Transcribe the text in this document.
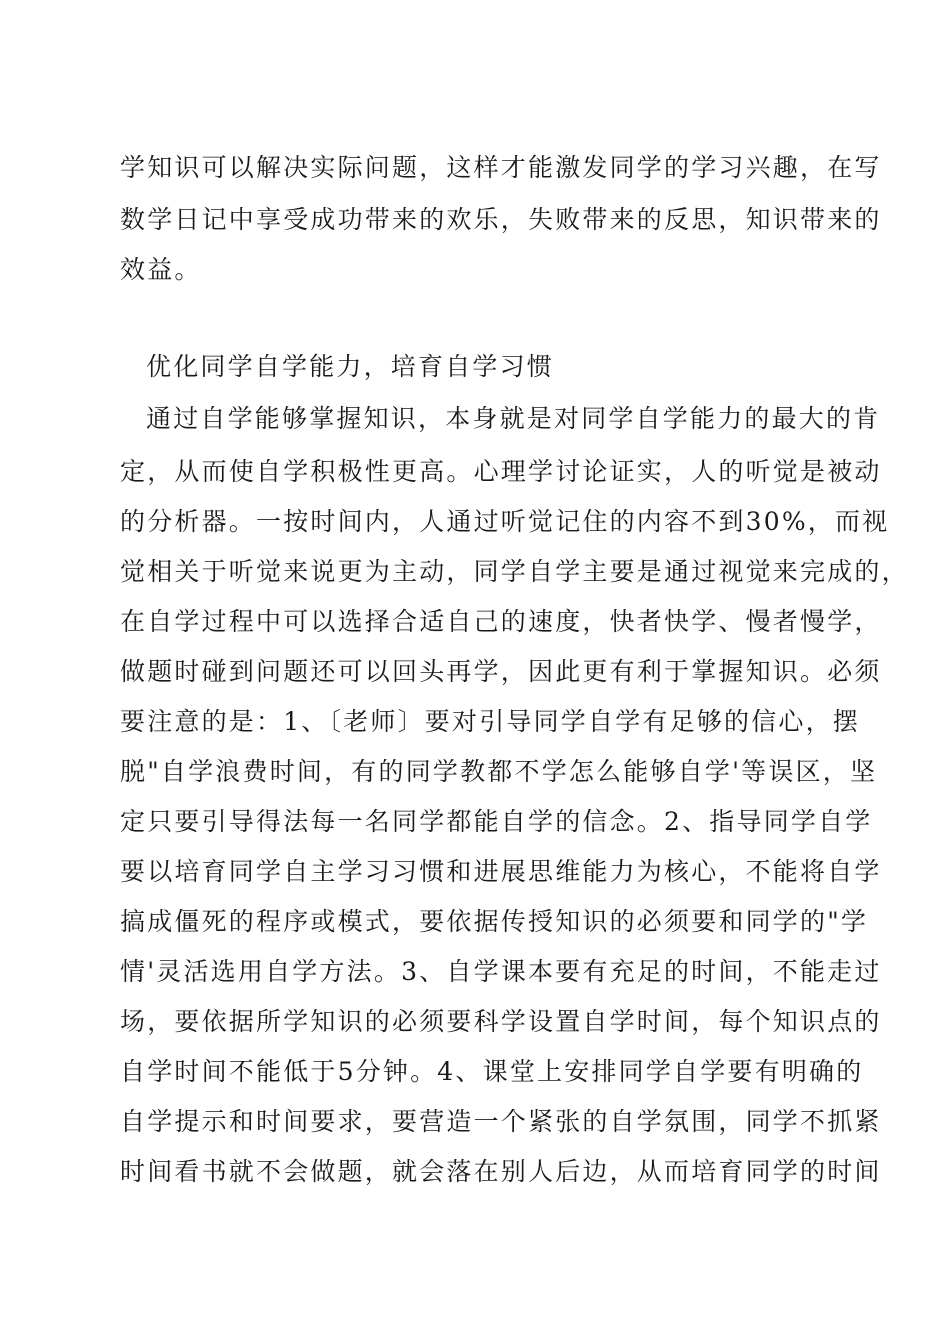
学知识可以解决实际问题，这样才能激发同学的学习兴趣，在写
数学日记中享受成功带来的欢乐，失败带来的反思，知识带来的
效益。
优化同学自学能力，培育自学习惯
通过自学能够掌握知识，本身就是对同学自学能力的最大的肯
定，从而使自学积极性更高。心理学讨论证实，人的听觉是被动
的分析器。一按时间内，人通过听觉记住的内容不到30%，而视
觉相关于听觉来说更为主动，同学自学主要是通过视觉来完成的，
在自学过程中可以选择合适自己的速度，快者快学、慢者慢学，
做题时碰到问题还可以回头再学，因此更有利于掌握知识。必须
要注意的是：1、〔老师〕要对引导同学自学有足够的信心，摆
脱"自学浪费时间，有的同学教都不学怎么能够自学'等误区，坚
定只要引导得法每一名同学都能自学的信念。2、指导同学自学
要以培育同学自主学习习惯和进展思维能力为核心，不能将自学
搞成僵死的程序或模式，要依据传授知识的必须要和同学的"学
情'灵活选用自学方法。3、自学课本要有充足的时间，不能走过
场，要依据所学知识的必须要科学设置自学时间，每个知识点的
自学时间不能低于5分钟。4、课堂上安排同学自学要有明确的
自学提示和时间要求，要营造一个紧张的自学氛围，同学不抓紧
时间看书就不会做题，就会落在别人后边，从而培育同学的时间
